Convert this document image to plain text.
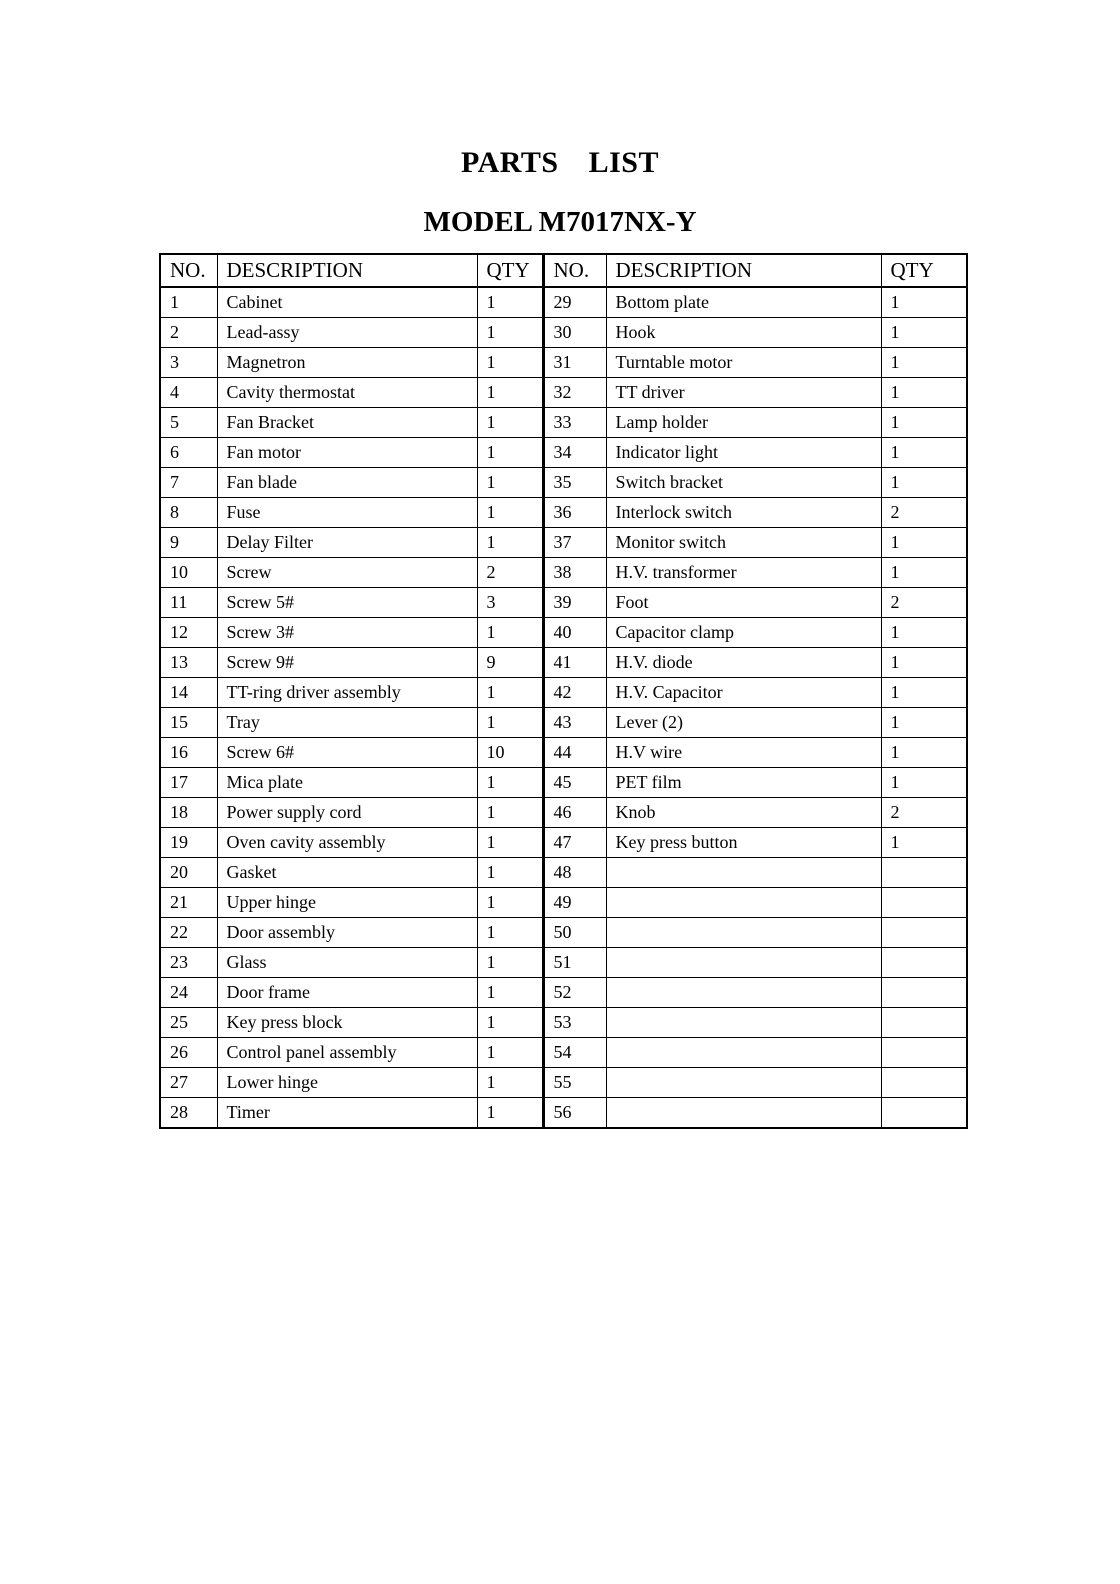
PARTS LIST
MODEL M7017NX-Y
NO.	DESCRIPTION	QTY	NO.	DESCRIPTION	QTY
1	Cabinet	1	29	Bottom plate	1
2	Lead-assy	1	30	Hook	1
3	Magnetron	1	31	Turntable motor	1
4	Cavity thermostat	1	32	TT driver	1
5	Fan Bracket	1	33	Lamp holder	1
6	Fan motor	1	34	Indicator light	1
7	Fan blade	1	35	Switch bracket	1
8	Fuse	1	36	Interlock switch	2
9	Delay Filter	1	37	Monitor switch	1
10	Screw	2	38	H.V. transformer	1
11	Screw 5#	3	39	Foot	2
12	Screw 3#	1	40	Capacitor clamp	1
13	Screw 9#	9	41	H.V. diode	1
14	TT-ring driver assembly	1	42	H.V. Capacitor	1
15	Tray	1	43	Lever (2)	1
16	Screw 6#	10	44	H.V wire	1
17	Mica plate	1	45	PET film	1
18	Power supply cord	1	46	Knob	2
19	Oven cavity assembly	1	47	Key press button	1
20	Gasket	1	48		
21	Upper hinge	1	49		
22	Door assembly	1	50		
23	Glass	1	51		
24	Door frame	1	52		
25	Key press block	1	53		
26	Control panel assembly	1	54		
27	Lower hinge	1	55		
28	Timer	1	56		
